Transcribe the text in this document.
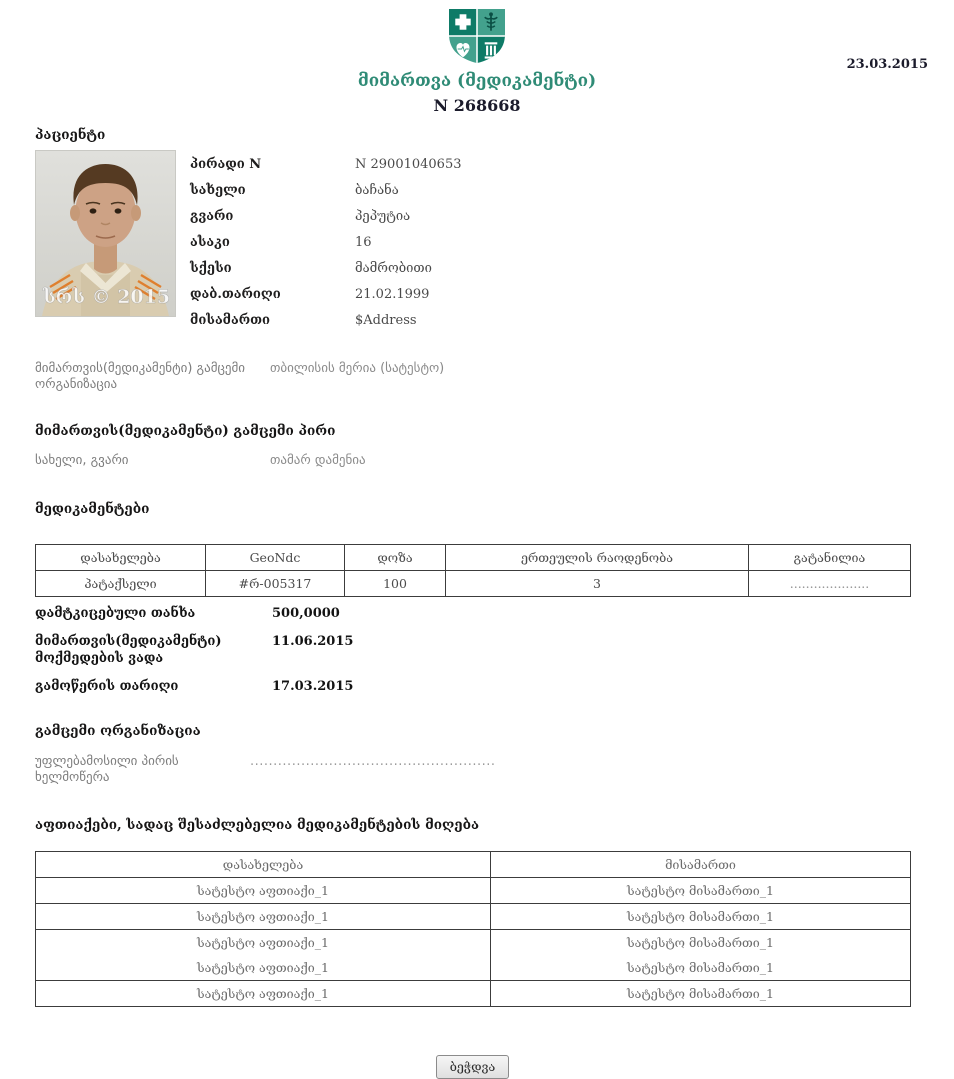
მიმართვა (მედიკამენტი)
N 268668
23.03.2015
პაციენტი
სრს © 2015
პირადი N	N 29001040653
სახელი	ბაჩანა
გვარი	პეპუტია
ასაკი	16
სქესი	მამრობითი
დაბ.თარიღი	21.02.1999
მისამართი	$Address
მიმართვის(მედიკამენტი) გამცემი ორგანიზაცია
თბილისის მერია (სატესტო)
მიმართვის(მედიკამენტი) გამცემი პირი
სახელი, გვარი	თამარ დამენია
მედიკამენტები
დასახელება	GeoNdc	დოზა	ერთეულის რაოდენობა	გატანილია
პატაქსელი	#რ-005317	100	3	....................
დამტკიცებული თანხა	500,0000
მიმართვის(მედიკამენტი) მოქმედების ვადა
11.06.2015
გამოწერის თარიღი	17.03.2015
გამცემი ორგანიზაცია
უფლებამოსილი პირის ხელმოწერა
.....................................................
აფთიაქები, სადაც შესაძლებელია მედიკამენტების მიღება
დასახელება	მისამართი
სატესტო აფთიაქი_1	სატესტო მისამართი_1
სატესტო აფთიაქი_1	სატესტო მისამართი_1
სატესტო აფთიაქი_1	სატესტო მისამართი_1
სატესტო აფთიაქი_1	სატესტო მისამართი_1
სატესტო აფთიაქი_1	სატესტო მისამართი_1
ბეჭდვა
